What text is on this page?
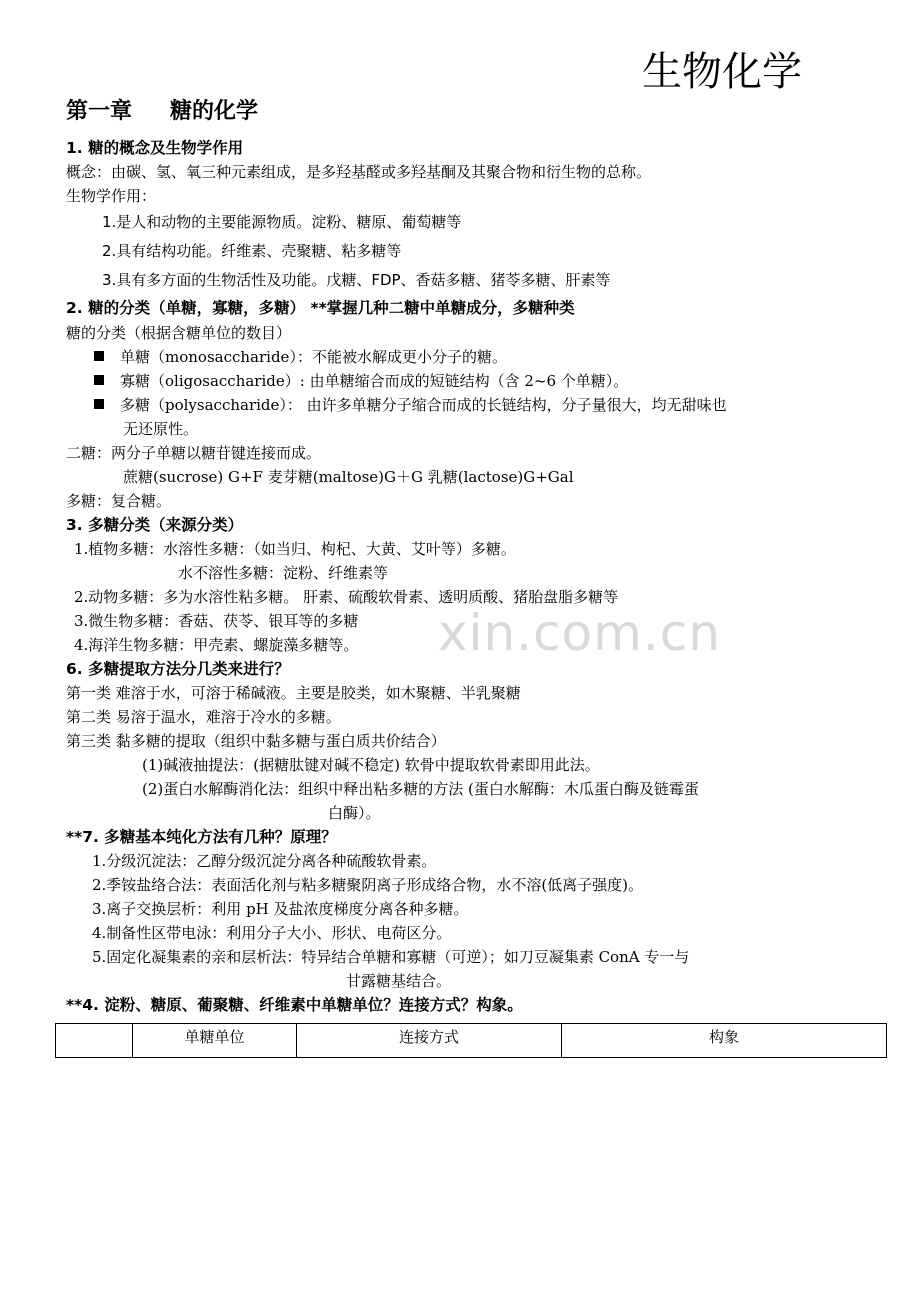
xin.com.cn
生物化学
第一章 糖的化学
1. 糖的概念及生物学作用
概念：由碳、氢、氧三种元素组成，是多羟基醛或多羟基酮及其聚合物和衍生物的总称。
生物学作用：
1.是人和动物的主要能源物质。淀粉、糖原、葡萄糖等
2.具有结构功能。纤维素、壳聚糖、粘多糖等
3.具有多方面的生物活性及功能。戊糖、FDP、香菇多糖、猪苓多糖、肝素等
2. 糖的分类（单糖，寡糖，多糖） **掌握几种二糖中单糖成分，多糖种类
糖的分类（根据含糖单位的数目）
单糖（monosaccharide）：不能被水解成更小分子的糖。
寡糖（oligosaccharide）: 由单糖缩合而成的短链结构（含 2~6 个单糖）。
多糖（polysaccharide）： 由许多单糖分子缩合而成的长链结构，分子量很大，均无甜味也
无还原性。
二糖：两分子单糖以糖苷键连接而成。
蔗糖(sucrose) G+F 麦芽糖(maltose)G＋G 乳糖(lactose)G+Gal
多糖：复合糖。
3. 多糖分类（来源分类）
1.植物多糖：水溶性多糖：（如当归、枸杞、大黄、艾叶等）多糖。
水不溶性多糖：淀粉、纤维素等
2.动物多糖：多为水溶性粘多糖。 肝素、硫酸软骨素、透明质酸、猪胎盘脂多糖等
3.微生物多糖：香菇、茯苓、银耳等的多糖
4.海洋生物多糖：甲壳素、螺旋藻多糖等。
6. 多糖提取方法分几类来进行？
第一类 难溶于水，可溶于稀碱液。主要是胶类，如木聚糖、半乳聚糖
第二类 易溶于温水，难溶于冷水的多糖。
第三类 黏多糖的提取（组织中黏多糖与蛋白质共价结合）
(1)碱液抽提法：(据糖肽键对碱不稳定) 软骨中提取软骨素即用此法。
(2)蛋白水解酶消化法：组织中释出粘多糖的方法 (蛋白水解酶：木瓜蛋白酶及链霉蛋
白酶）。
**7. 多糖基本纯化方法有几种？原理？
1.分级沉淀法：乙醇分级沉淀分离各种硫酸软骨素。
2.季铵盐络合法：表面活化剂与粘多糖聚阴离子形成络合物，水不溶(低离子强度)。
3.离子交换层析：利用 pH 及盐浓度梯度分离各种多糖。
4.制备性区带电泳：利用分子大小、形状、电荷区分。
5.固定化凝集素的亲和层析法：特异结合单糖和寡糖（可逆）；如刀豆凝集素 ConA 专一与
甘露糖基结合。
**4. 淀粉、糖原、葡聚糖、纤维素中单糖单位？连接方式？构象。
	单糖单位	连接方式	构象
